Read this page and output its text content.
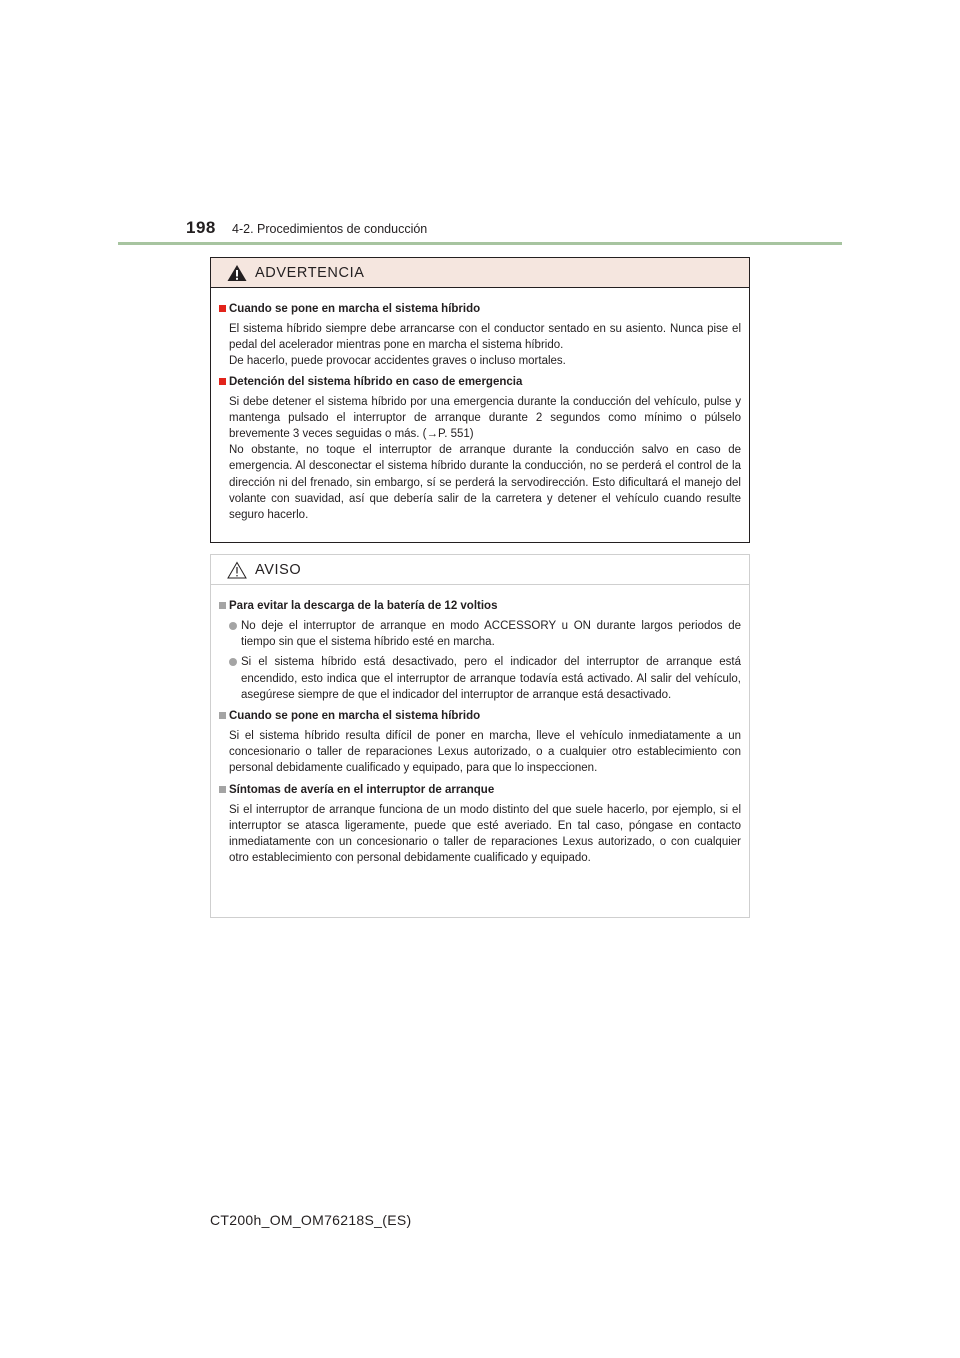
198 4-2. Procedimientos de conducción
ADVERTENCIA
Cuando se pone en marcha el sistema híbrido

El sistema híbrido siempre debe arrancarse con el conductor sentado en su asiento. Nunca pise el pedal del acelerador mientras pone en marcha el sistema híbrido.

De hacerlo, puede provocar accidentes graves o incluso mortales.

Detención del sistema híbrido en caso de emergencia

Si debe detener el sistema híbrido por una emergencia durante la conducción del vehículo, pulse y mantenga pulsado el interruptor de arranque durante 2 segundos como mínimo o púlselo brevemente 3 veces seguidas o más. (→P. 551)

No obstante, no toque el interruptor de arranque durante la conducción salvo en caso de emergencia. Al desconectar el sistema híbrido durante la conducción, no se perderá el control de la dirección ni del frenado, sin embargo, sí se perderá la servodirección. Esto dificultará el manejo del volante con suavidad, así que debería salir de la carretera y detener el vehículo cuando resulte seguro hacerlo.

AVISO
Para evitar la descarga de la batería de 12 voltios

No deje el interruptor de arranque en modo ACCESSORY u ON durante largos periodos de tiempo sin que el sistema híbrido esté en marcha.

Si el sistema híbrido está desactivado, pero el indicador del interruptor de arranque está encendido, esto indica que el interruptor de arranque todavía está activado. Al salir del vehículo, asegúrese siempre de que el indicador del interruptor de arranque está desactivado.

Cuando se pone en marcha el sistema híbrido

Si el sistema híbrido resulta difícil de poner en marcha, lleve el vehículo inmediatamente a un concesionario o taller de reparaciones Lexus autorizado, o a cualquier otro establecimiento con personal debidamente cualificado y equipado, para que lo inspeccionen.

Síntomas de avería en el interruptor de arranque

Si el interruptor de arranque funciona de un modo distinto del que suele hacerlo, por ejemplo, si el interruptor se atasca ligeramente, puede que esté averiado. En tal caso, póngase en contacto inmediatamente con un concesionario o taller de reparaciones Lexus autorizado, o con cualquier otro establecimiento con personal debidamente cualificado y equipado.

CT200h_OM_OM76218S_(ES)
